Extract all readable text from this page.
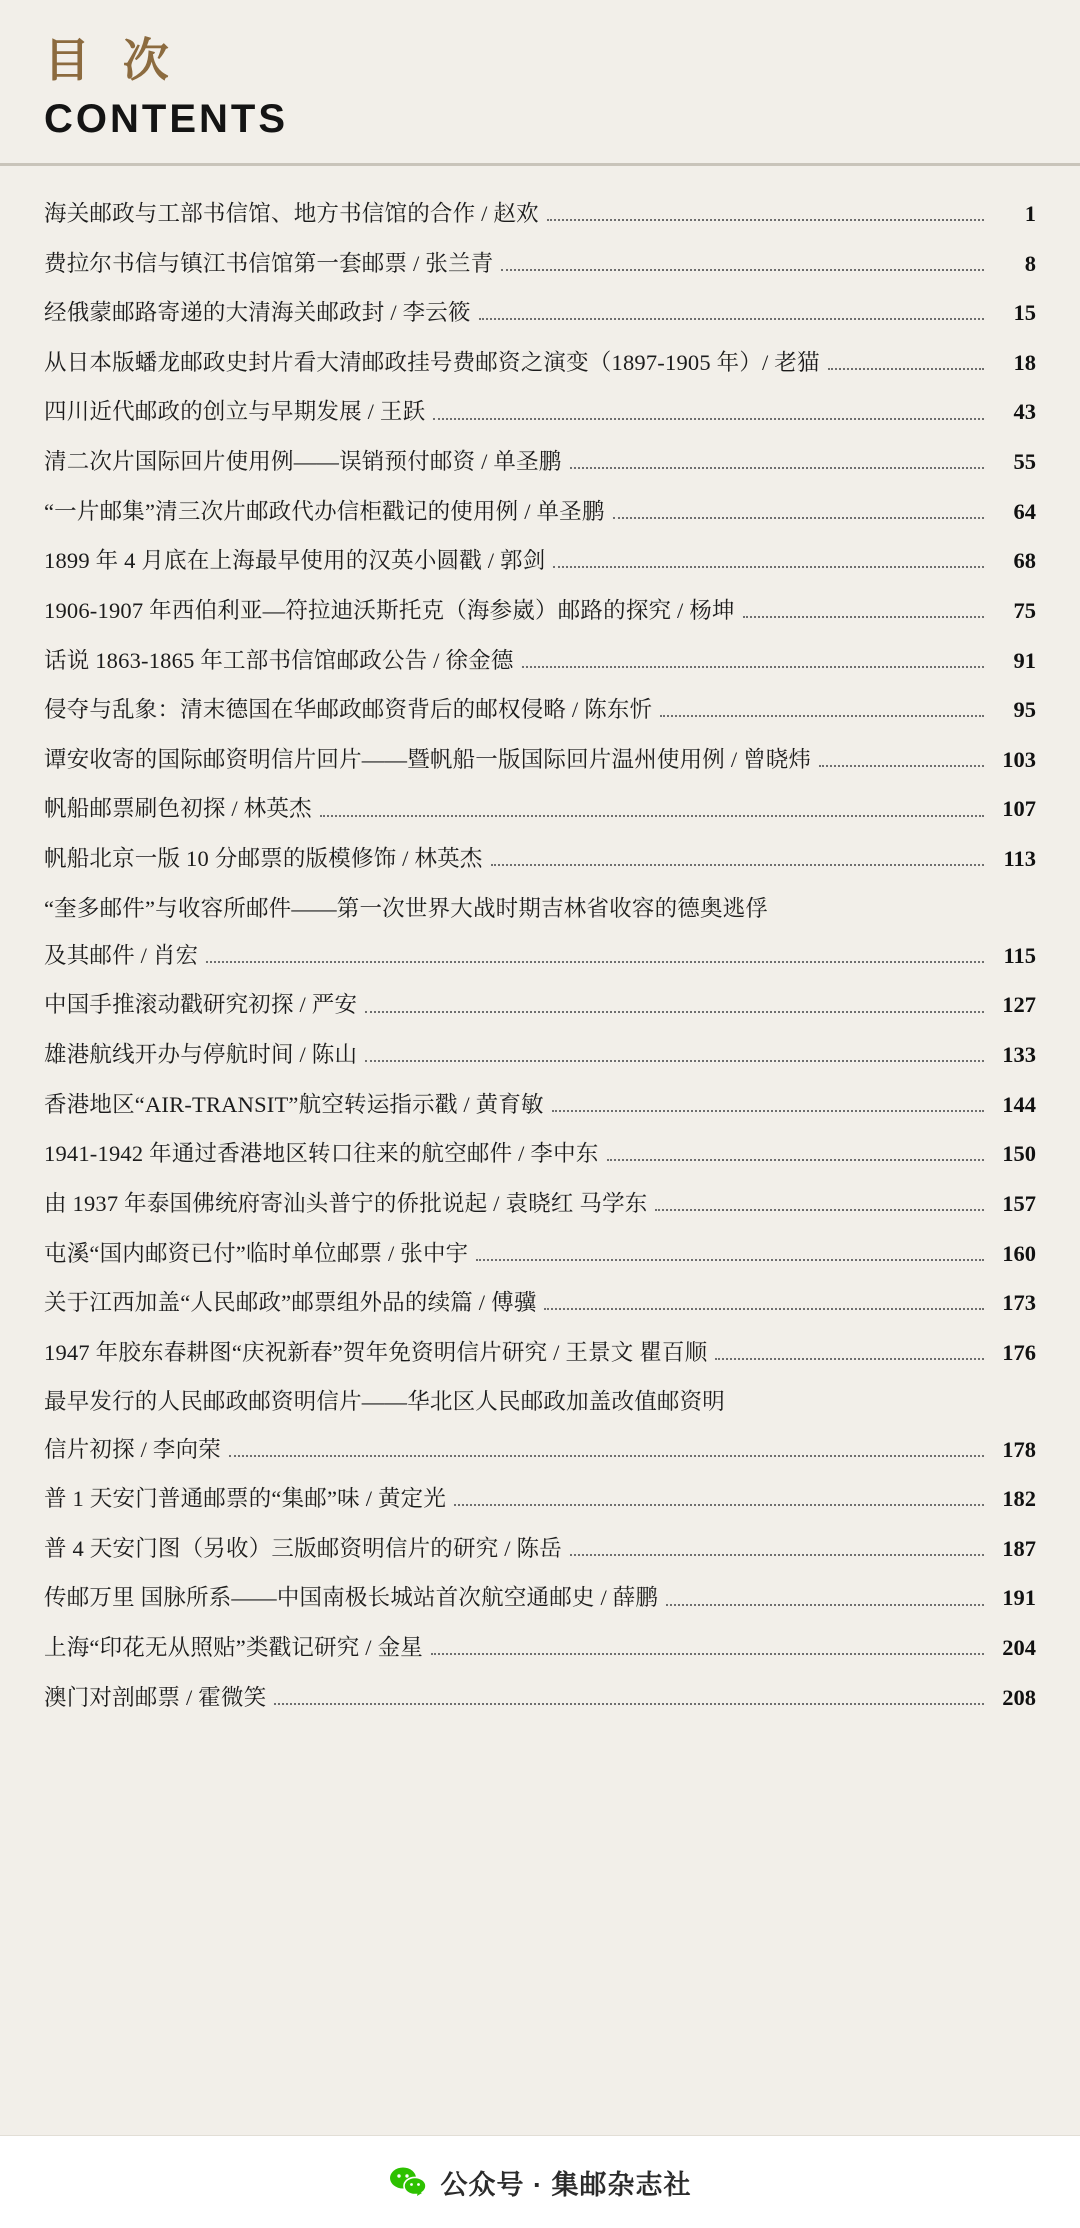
目 次
CONTENTS
海关邮政与工部书信馆、地方书信馆的合作 / 赵欢	1
费拉尔书信与镇江书信馆第一套邮票 / 张兰青	8
经俄蒙邮路寄递的大清海关邮政封 / 李云筱	15
从日本版蟠龙邮政史封片看大清邮政挂号费邮资之演变（1897-1905 年）/ 老猫	18
四川近代邮政的创立与早期发展 / 王跃	43
清二次片国际回片使用例——误销预付邮资 / 单圣鹏	55
“一片邮集”清三次片邮政代办信柜戳记的使用例 / 单圣鹏	64
1899 年 4 月底在上海最早使用的汉英小圆戳 / 郭剑	68
1906-1907 年西伯利亚—符拉迪沃斯托克（海参崴）邮路的探究 / 杨坤	75
话说 1863-1865 年工部书信馆邮政公告 / 徐金德	91
侵夺与乱象：清末德国在华邮政邮资背后的邮权侵略 / 陈东忻	95
谭安收寄的国际邮资明信片回片——暨帆船一版国际回片温州使用例 / 曾晓炜	103
帆船邮票刷色初探 / 林英杰	107
帆船北京一版 10 分邮票的版模修饰 / 林英杰	113
“奎多邮件”与收容所邮件——第一次世界大战时期吉林省收容的德奥逃俘
及其邮件 / 肖宏	115
中国手推滚动戳研究初探 / 严安	127
雄港航线开办与停航时间 / 陈山	133
香港地区“AIR-TRANSIT”航空转运指示戳 / 黄育敏	144
1941-1942 年通过香港地区转口往来的航空邮件 / 李中东	150
由 1937 年泰国佛统府寄汕头普宁的侨批说起 / 袁晓红 马学东	157
屯溪“国内邮资已付”临时单位邮票 / 张中宇	160
关于江西加盖“人民邮政”邮票组外品的续篇 / 傅骥	173
1947 年胶东春耕图“庆祝新春”贺年免资明信片研究 / 王景文 瞿百顺	176
最早发行的人民邮政邮资明信片——华北区人民邮政加盖改值邮资明
信片初探 / 李向荣	178
普 1 天安门普通邮票的“集邮”味 / 黄定光	182
普 4 天安门图（另收）三版邮资明信片的研究 / 陈岳	187
传邮万里 国脉所系——中国南极长城站首次航空通邮史 / 薛鹏	191
上海“印花无从照贴”类戳记研究 / 金星	204
澳门对剖邮票 / 霍微笑	208
公众号 · 集邮杂志社
